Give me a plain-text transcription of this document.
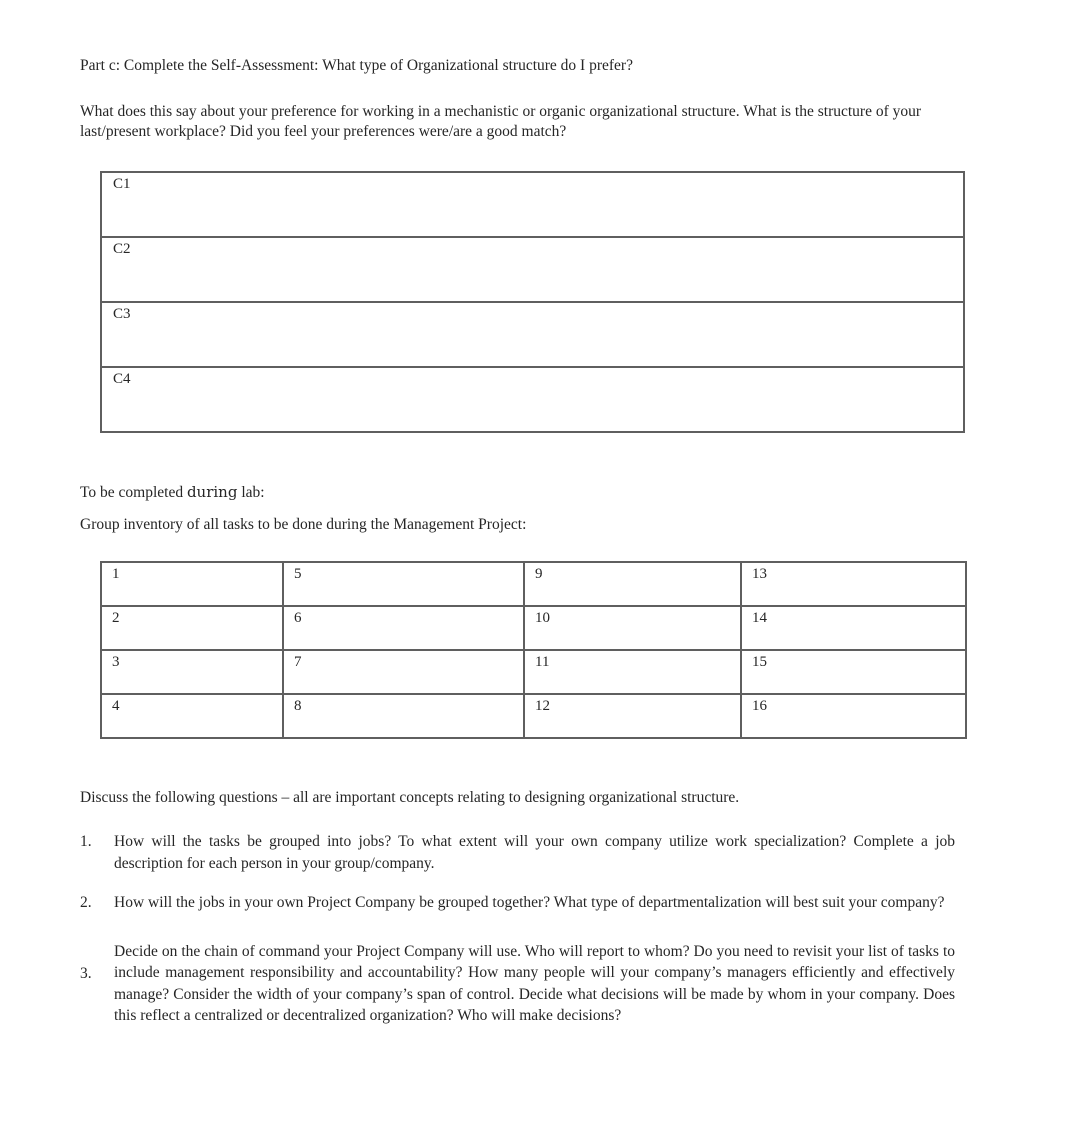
Part c: Complete the Self-Assessment: What type of Organizational structure do I prefer?

What does this say about your preference for working in a mechanistic or organic organizational structure. What is the structure of your last/present workplace? Did you feel your preferences were/are a good match?

C1
C2
C3
C4

To be completed during lab:

Group inventory of all tasks to be done during the Management Project:

1	5	9	13
2	6	10	14
3	7	11	15
4	8	12	16

Discuss the following questions – all are important concepts relating to designing organizational structure.

1.	How will the tasks be grouped into jobs? To what extent will your own company utilize work specialization? Complete a job description for each person in your group/company.
2.	How will the jobs in your own Project Company be grouped together? What type of departmentalization will best suit your company?
3.
Decide on the chain of command your Project Company will use. Who will report to whom? Do you need to revisit your list of tasks to include management responsibility and accountability? How many people will your company’s managers efficiently and effectively manage? Consider the width of your company’s span of control. Decide what decisions will be made by whom in your company. Does this reflect a centralized or decentralized organization? Who will make decisions?
